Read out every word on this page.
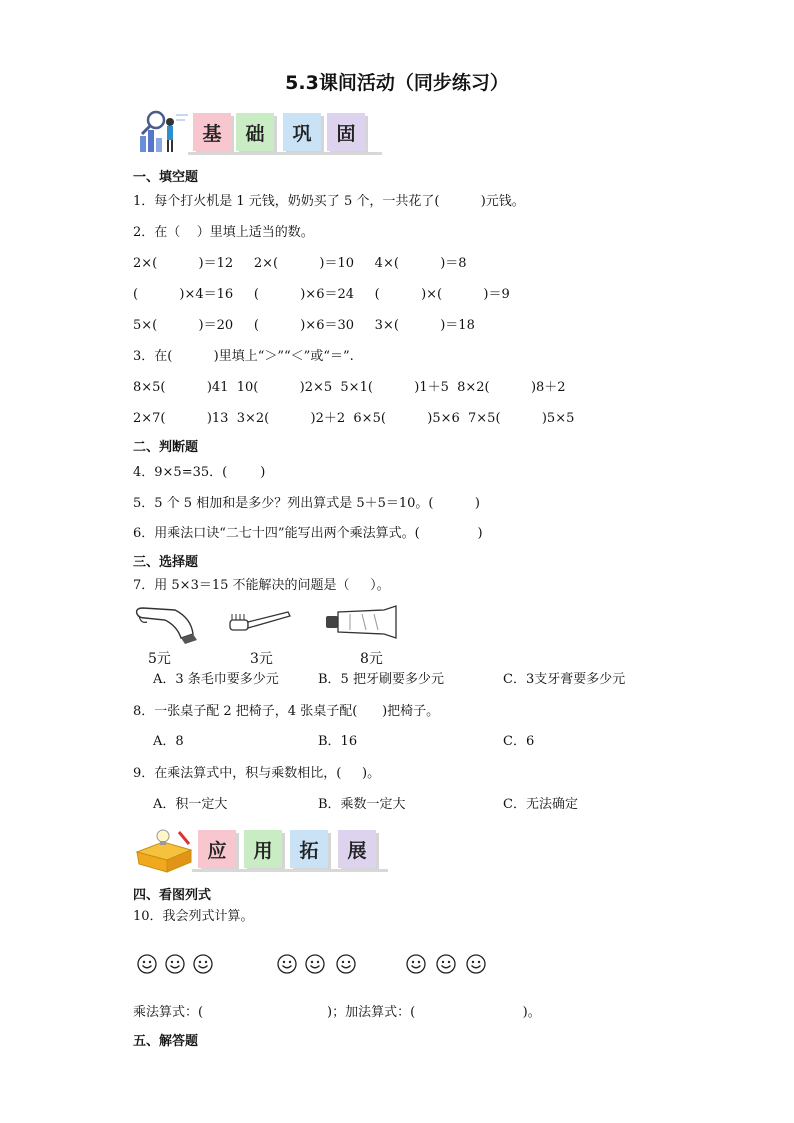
5.3课间活动（同步练习）
基	础	巩	固
一、填空题
1．每个打火机是 1 元钱，奶奶买了 5 个，一共花了(          )元钱。
2．在（    ）里填上适当的数。
2×(          )＝12     2×(          )＝10     4×(          )＝8
(          )×4＝16     (          )×6＝24     (          )×(          )＝9
5×(          )＝20     (          )×6＝30     3×(          )＝18
3．在(          )里填上“＞”“＜”或“＝”.
8×5(          )41  10(          )2×5  5×1(          )1＋5  8×2(          )8＋2
2×7(          )13  3×2(          )2＋2  6×5(          )5×6  7×5(          )5×5
二、判断题
4．9×5=35．(        )
5．5 个 5 相加和是多少？列出算式是 5＋5＝10。(          )
6．用乘法口诀“二七十四”能写出两个乘法算式。(              )
三、选择题
7．用 5×3＝15 不能解决的问题是（     ）。
5元	3元	8元
A．3 条毛巾要多少元	B．5 把牙刷要多少元	C．3支牙膏要多少元
8．一张桌子配 2 把椅子，4 张桌子配(      )把椅子。
A．8	B．16	C．6
9．在乘法算式中，积与乘数相比，(     )。
A．积一定大	B．乘数一定大	C．无法确定
应	用	拓	展
四、看图列式
10．我会列式计算。
乘法算式：(                              )；加法算式：(                          )。
五、解答题
